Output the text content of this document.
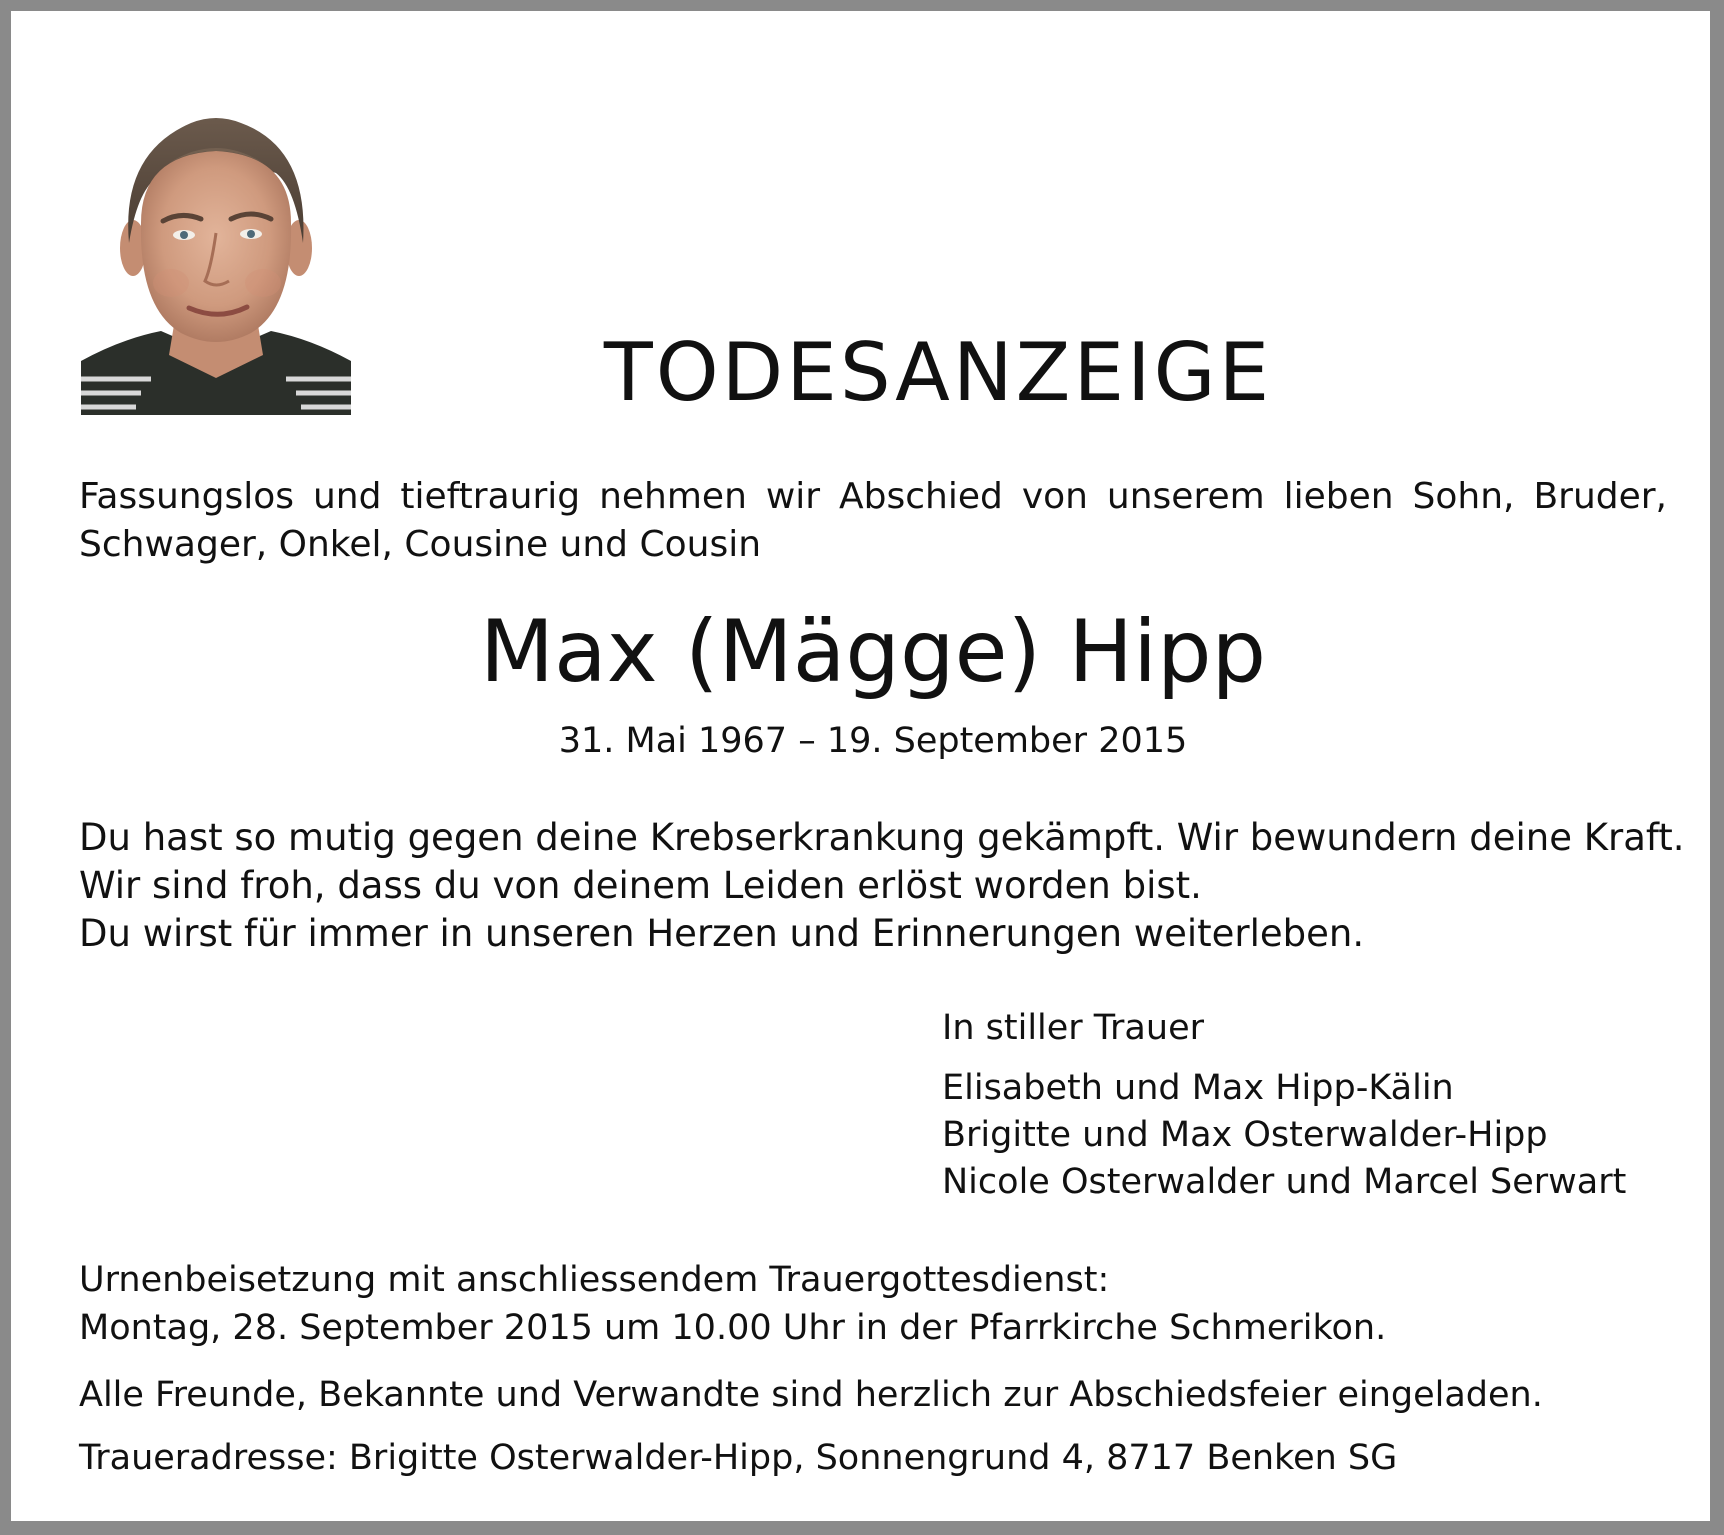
TODESANZEIGE
Fassungslos und tieftraurig nehmen wir Abschied von unserem lieben Sohn, Bruder,
Schwager, Onkel, Cousine und Cousin
Max (Mägge) Hipp
31. Mai 1967 – 19. September 2015
Du hast so mutig gegen deine Krebserkrankung gekämpft. Wir bewundern deine Kraft.
Wir sind froh, dass du von deinem Leiden erlöst worden bist.
Du wirst für immer in unseren Herzen und Erinnerungen weiterleben.
In stiller Trauer
Elisabeth und Max Hipp-Kälin
Brigitte und Max Osterwalder-Hipp
Nicole Osterwalder und Marcel Serwart
Urnenbeisetzung mit anschliessendem Trauergottesdienst:
Montag, 28. September 2015 um 10.00 Uhr in der Pfarrkirche Schmerikon.
Alle Freunde, Bekannte und Verwandte sind herzlich zur Abschiedsfeier eingeladen.
Traueradresse: Brigitte Osterwalder-Hipp, Sonnengrund 4, 8717 Benken SG
